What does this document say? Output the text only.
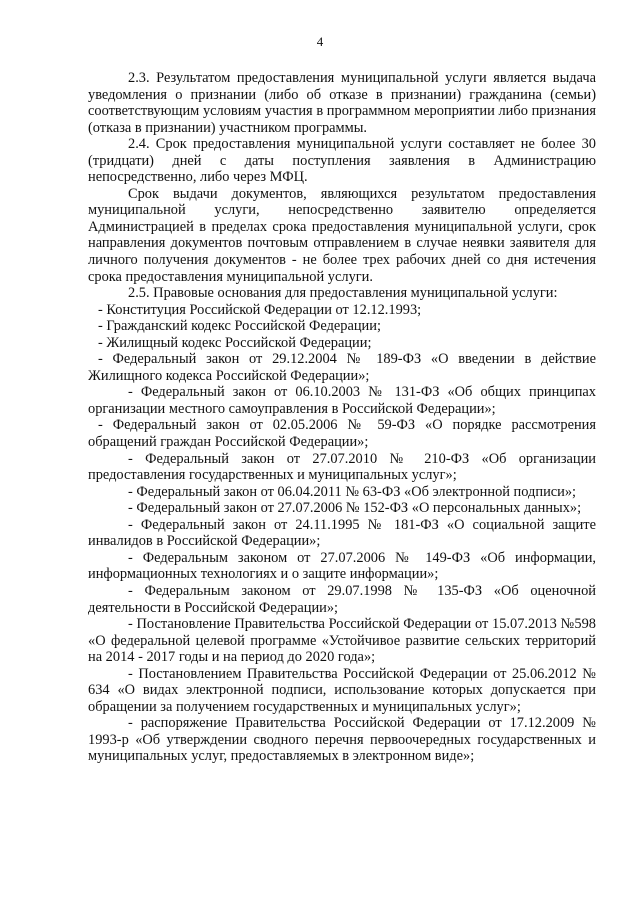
4

2.3. Результатом предоставления муниципальной услуги является выдача уведомления о признании (либо об отказе в признании) гражданина (семьи) соответствующим условиям участия в программном мероприятии либо признания (отказа в признании) участником программы.

2.4. Срок предоставления муниципальной услуги составляет не более 30 (тридцати) дней с даты поступления заявления в Администрацию непосредственно, либо через МФЦ.

Срок выдачи документов, являющихся результатом предоставления муниципальной услуги, непосредственно заявителю определяется Администрацией в пределах срока предоставления муниципальной услуги, срок направления документов почтовым отправлением в случае неявки заявителя для личного получения документов - не более трех рабочих дней со дня истечения срока предоставления муниципальной услуги.

2.5. Правовые основания для предоставления муниципальной услуги:

- Конституция Российской Федерации от 12.12.1993;

- Гражданский кодекс Российской Федерации;

- Жилищный кодекс Российской Федерации;

- Федеральный закон от 29.12.2004 № 189-ФЗ «О введении в действие Жилищного кодекса Российской Федерации»;

- Федеральный закон от 06.10.2003 № 131-ФЗ «Об общих принципах организации местного самоуправления в Российской Федерации»;

- Федеральный закон от 02.05.2006 № 59-ФЗ «О порядке рассмотрения обращений граждан Российской Федерации»;

- Федеральный закон от 27.07.2010 № 210-ФЗ «Об организации предоставления государственных и муниципальных услуг»;

- Федеральный закон от 06.04.2011 № 63-ФЗ «Об электронной подписи»;

- Федеральный закон от 27.07.2006 № 152-ФЗ «О персональных данных»;

- Федеральный закон от 24.11.1995 № 181-ФЗ «О социальной защите инвалидов в Российской Федерации»;

- Федеральным законом от 27.07.2006 № 149-ФЗ «Об информации, информационных технологиях и о защите информации»;

- Федеральным законом от 29.07.1998 № 135-ФЗ «Об оценочной деятельности в Российской Федерации»;

- Постановление Правительства Российской Федерации от 15.07.2013 №598 «О федеральной целевой программе «Устойчивое развитие сельских территорий на 2014 - 2017 годы и на период до 2020 года»;

- Постановлением Правительства Российской Федерации от 25.06.2012 № 634 «О видах электронной подписи, использование которых допускается при обращении за получением государственных и муниципальных услуг»;

- распоряжение Правительства Российской Федерации от 17.12.2009 № 1993-р «Об утверждении сводного перечня первоочередных государственных и муниципальных услуг, предоставляемых в электронном виде»;
